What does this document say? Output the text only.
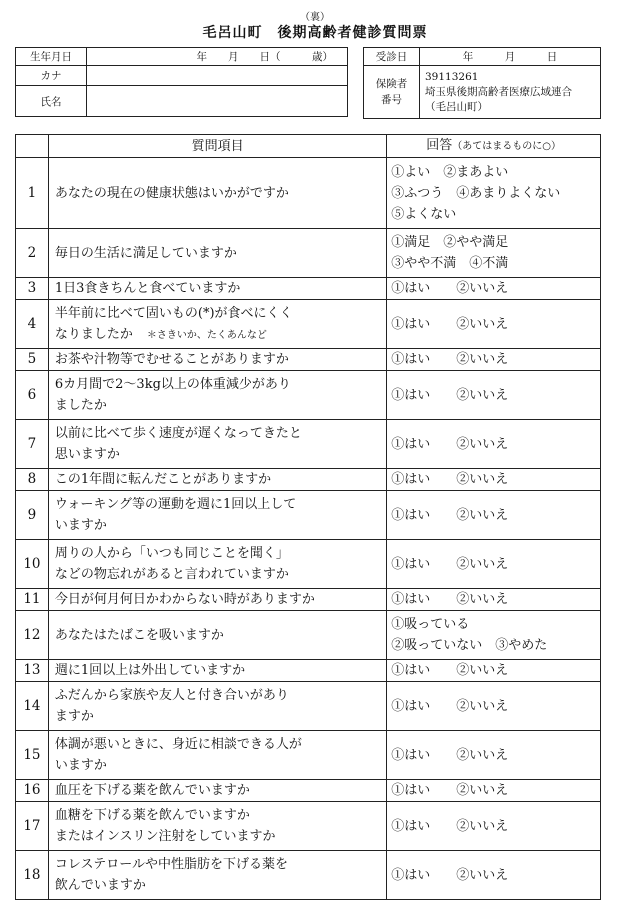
（裏）
毛呂山町　後期高齢者健診質問票
生年月日	年　　月　　日（　　　歳）
カナ	
氏名	
受診日	年　　　月　　　日

保険者
番号	39113261
埼玉県後期高齢者医療広域連合
（毛呂山町）
	質問項目	回答（あてはまるものに○）
1	あなたの現在の健康状態はいかがですか	①よい　②まあよい
③ふつう　④あまりよくない
⑤よくない

2	毎日の生活に満足していますか	①満足　②やや満足
③やや不満　④不満

3	1日3食きちんと食べていますか	①はい　　②いいえ

4	半年前に比べて固いもの(*)が食べにくく
なりましたか ＊さきいか、たくあんなど	①はい　　②いいえ

5	お茶や汁物等でむせることがありますか	①はい　　②いいえ

6	6カ月間で2～3kg以上の体重減少があり
ましたか	①はい　　②いいえ

7	以前に比べて歩く速度が遅くなってきたと
思いますか	①はい　　②いいえ

8	この1年間に転んだことがありますか	①はい　　②いいえ

9	ウォーキング等の運動を週に1回以上して
いますか	①はい　　②いいえ

10	周りの人から「いつも同じことを聞く」
などの物忘れがあると言われていますか	①はい　　②いいえ

11	今日が何月何日かわからない時がありますか	①はい　　②いいえ

12	あなたはたばこを吸いますか	①吸っている
②吸っていない　③やめた

13	週に1回以上は外出していますか	①はい　　②いいえ

14	ふだんから家族や友人と付き合いがあり
ますか	①はい　　②いいえ

15	体調が悪いときに、身近に相談できる人が
いますか	①はい　　②いいえ

16	血圧を下げる薬を飲んでいますか	①はい　　②いいえ

17	血糖を下げる薬を飲んでいますか
またはインスリン注射をしていますか	①はい　　②いいえ

18	コレステロールや中性脂肪を下げる薬を
飲んでいますか	①はい　　②いいえ
